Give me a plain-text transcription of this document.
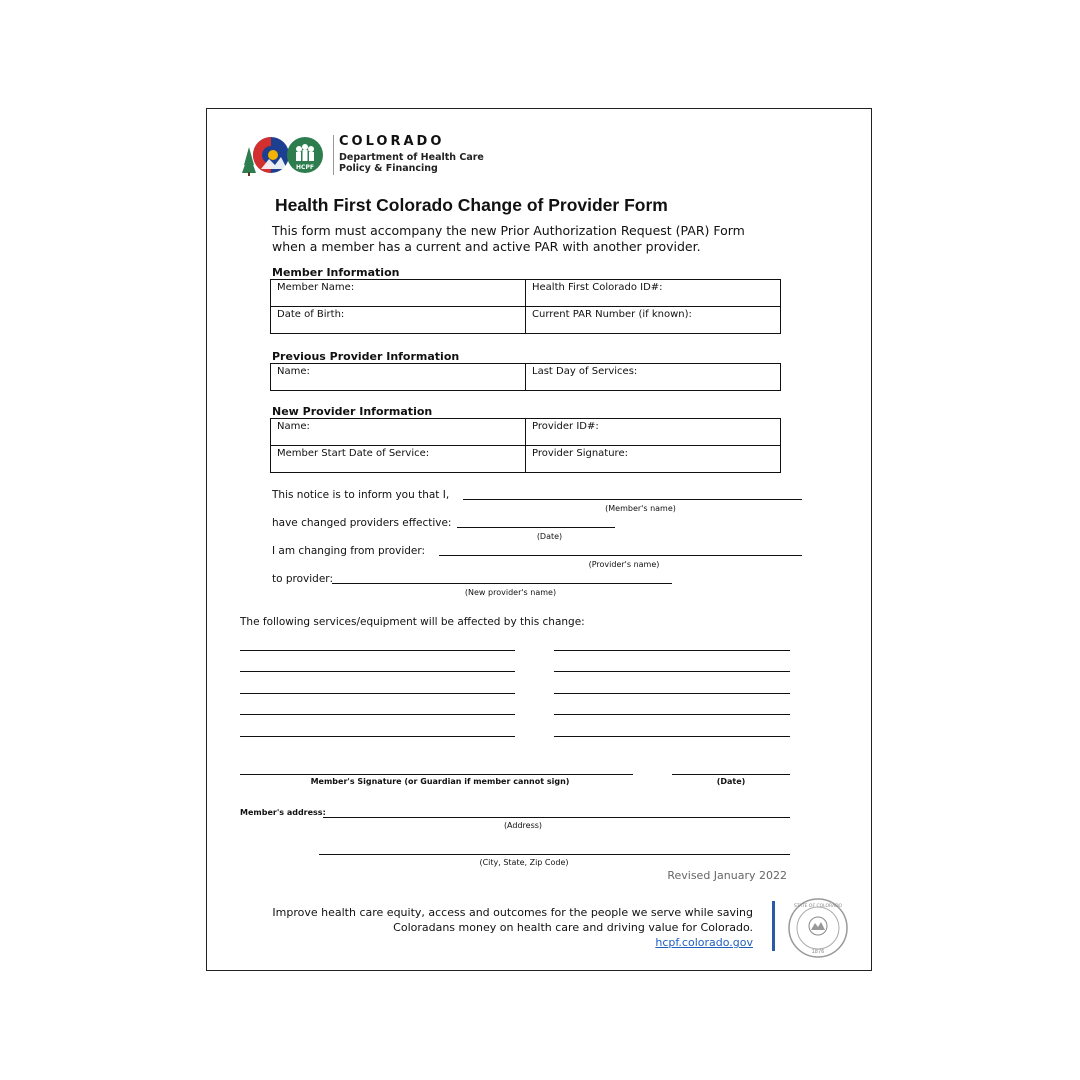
HCPF
COLORADO
Department of Health Care
Policy & Financing
Health First Colorado Change of Provider Form
This form must accompany the new Prior Authorization Request (PAR) Form when a member has a current and active PAR with another provider.
Member Information
Member Name:	Health First Colorado ID#:
Date of Birth:	Current PAR Number (if known):
Previous Provider Information
Name:	Last Day of Services:
New Provider Information
Name:	Provider ID#:
Member Start Date of Service:	Provider Signature:
This notice is to inform you that I,
(Member's name)
have changed providers effective:
(Date)
I am changing from provider:
(Provider's name)
to provider:
(New provider's name)
The following services/equipment will be affected by this change:
Member's Signature (or Guardian if member cannot sign)	(Date)
Member's address:
(Address)
(City, State, Zip Code)
Revised January 2022
Improve health care equity, access and outcomes for the people we serve while saving
Coloradans money on health care and driving value for Colorado.
hcpf.colorado.gov
STATE OF COLORADO
1876
